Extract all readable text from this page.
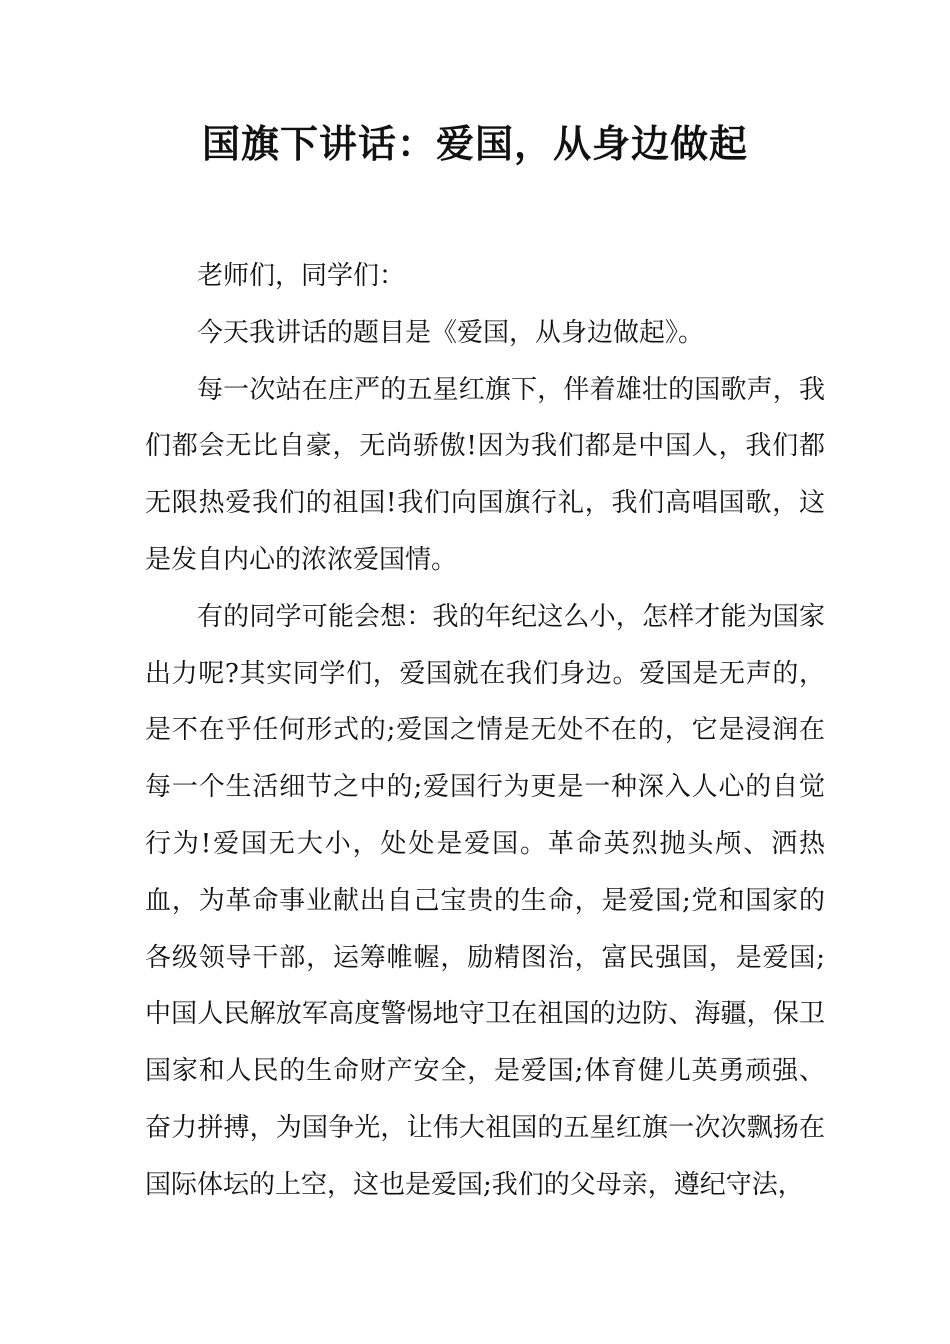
国旗下讲话：爱国，从身边做起

老师们，同学们：

今天我讲话的题目是《爱国，从身边做起》。

每一次站在庄严的五星红旗下，伴着雄壮的国歌声，我们都会无比自豪，无尚骄傲!因为我们都是中国人，我们都无限热爱我们的祖国!我们向国旗行礼，我们高唱国歌，这是发自内心的浓浓爱国情。

有的同学可能会想：我的年纪这么小，怎样才能为国家出力呢?其实同学们，爱国就在我们身边。爱国是无声的，是不在乎任何形式的;爱国之情是无处不在的，它是浸润在每一个生活细节之中的;爱国行为更是一种深入人心的自觉行为!爱国无大小，处处是爱国。革命英烈抛头颅、洒热血，为革命事业献出自己宝贵的生命，是爱国;党和国家的各级领导干部，运筹帷幄，励精图治，富民强国，是爱国;中国人民解放军高度警惕地守卫在祖国的边防、海疆，保卫国家和人民的生命财产安全，是爱国;体育健儿英勇顽强、奋力拼搏，为国争光，让伟大祖国的五星红旗一次次飘扬在国际体坛的上空，这也是爱国;我们的父母亲，遵纪守法，
